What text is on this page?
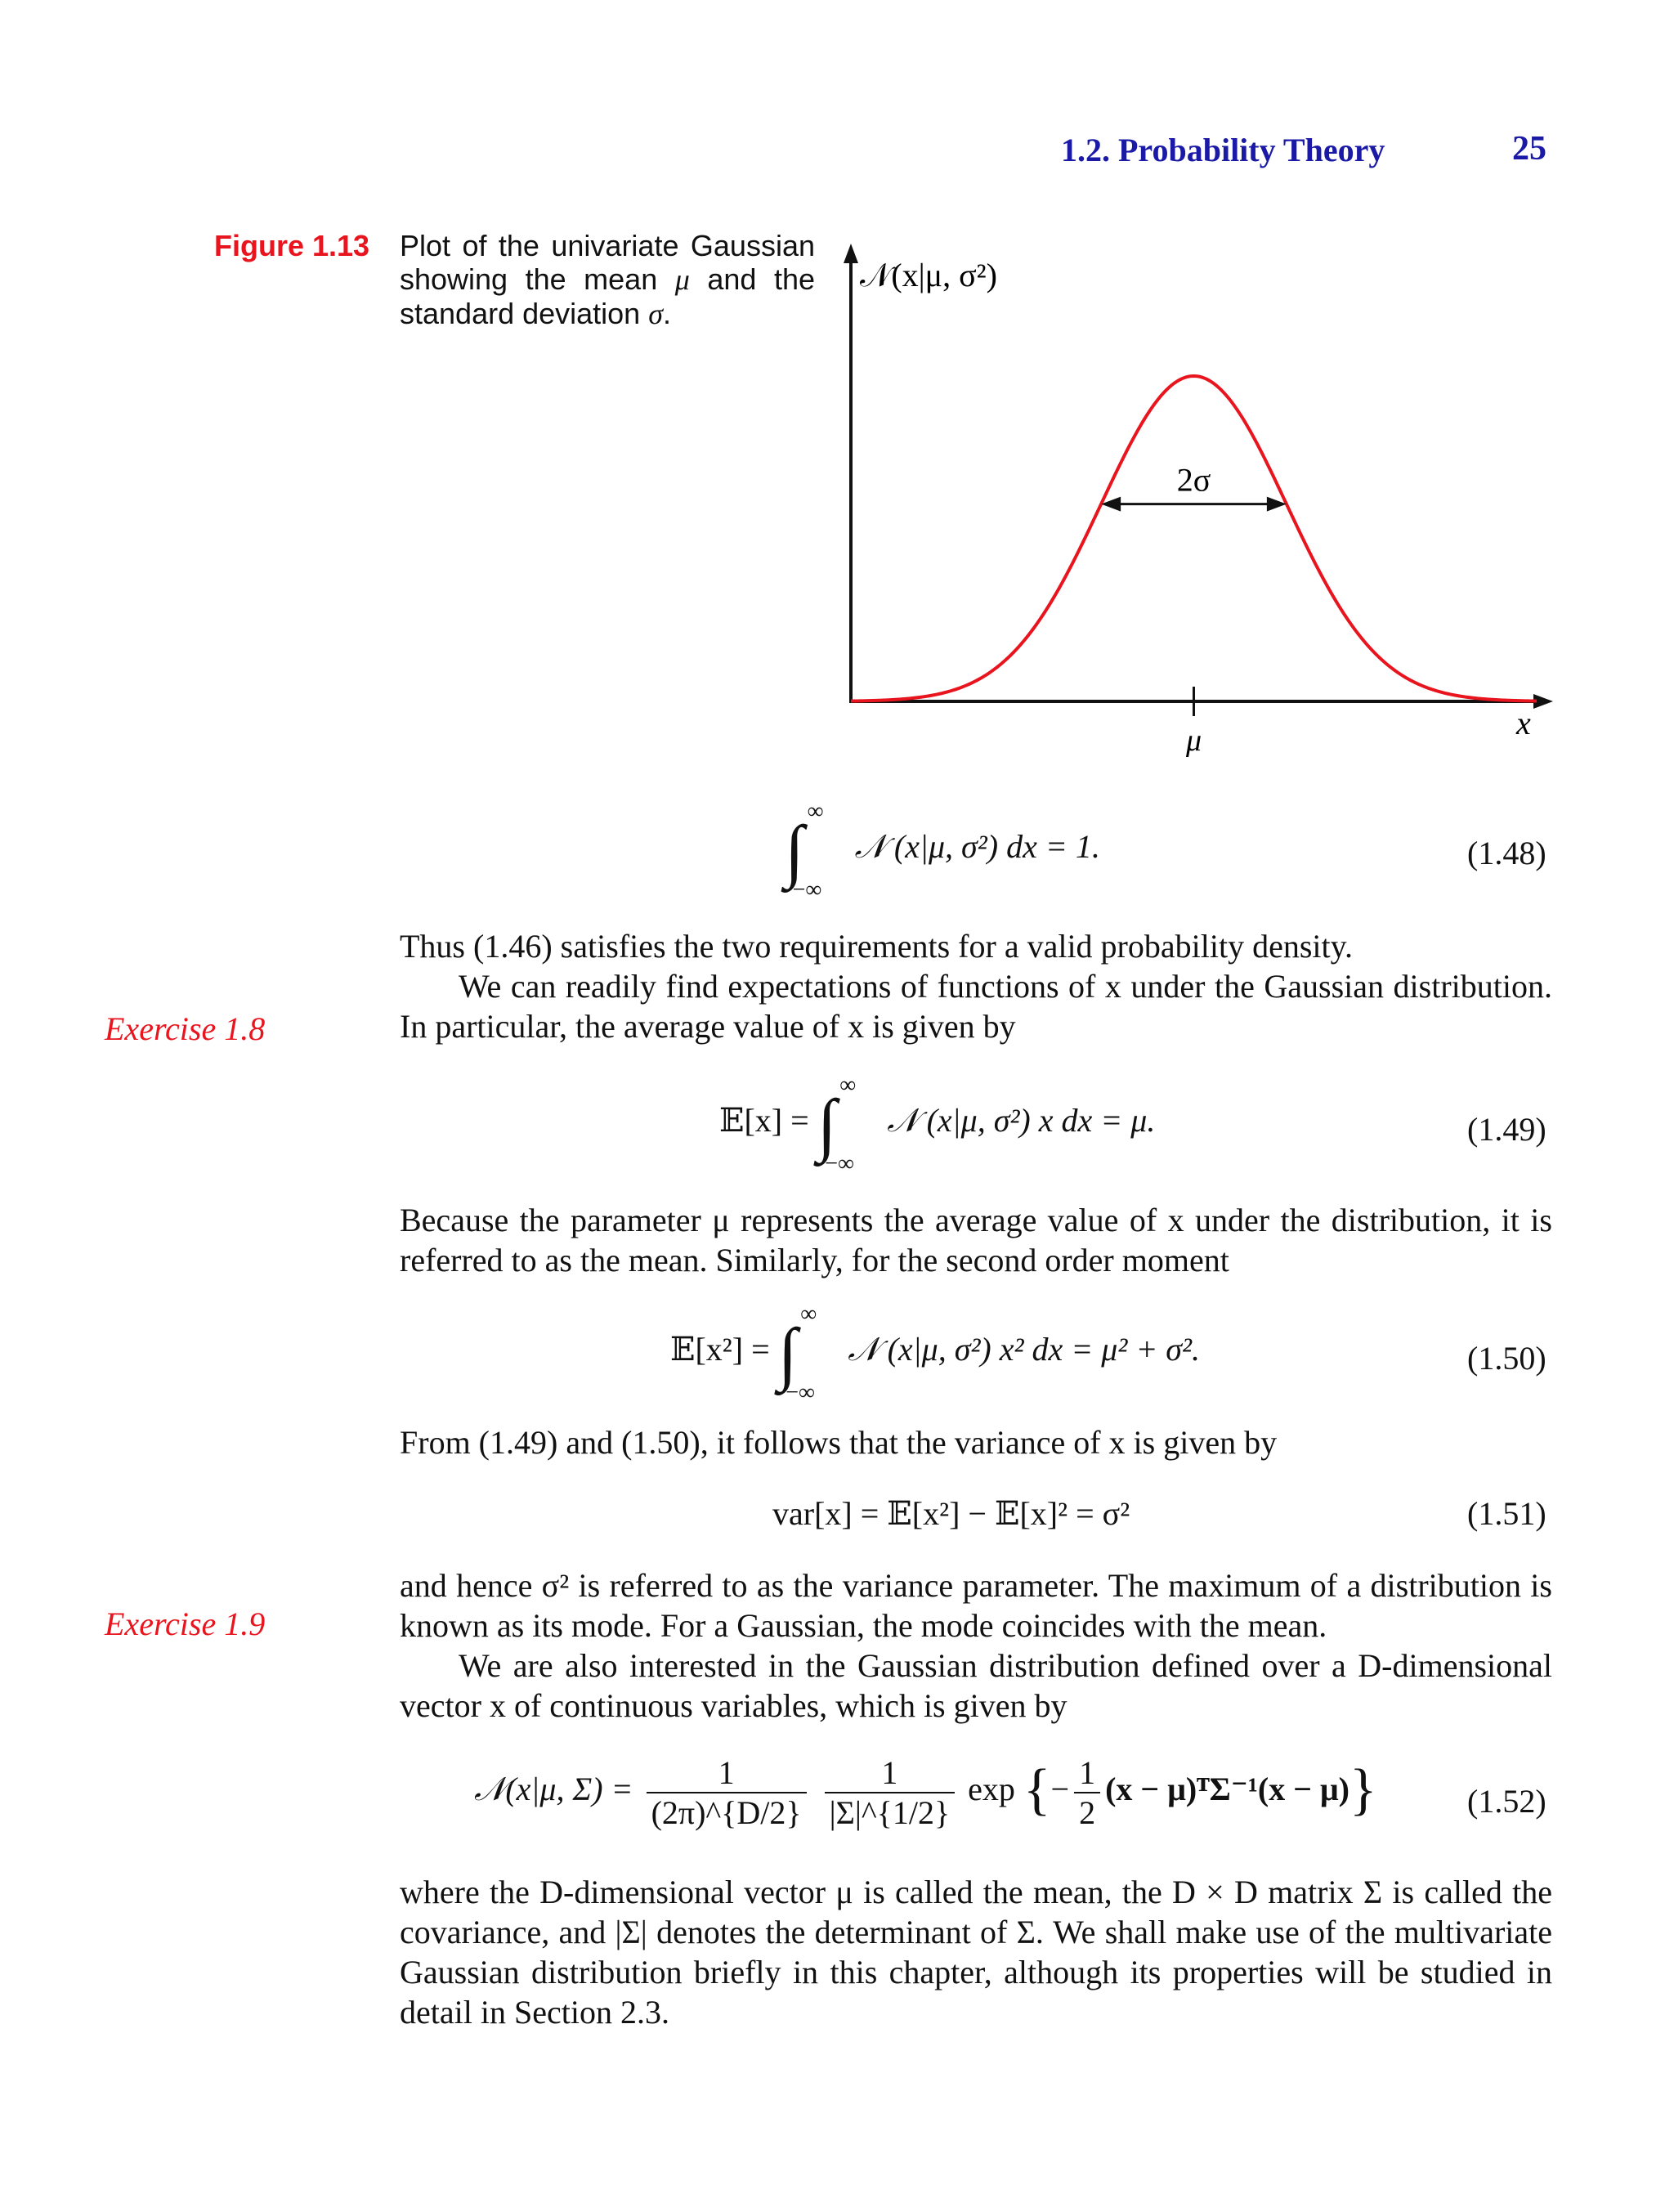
1.2. Probability Theory	25
Figure 1.13 Plot of the univariate Gaussian showing the mean μ and the standard deviation σ.
2σ
μ
𝒩(x|μ, σ²)
x
∫ ∞
−∞
𝒩 (x|μ, σ²) dx = 1.	(1.48)
Thus (1.46) satisfies the two requirements for a valid probability density.
We can readily find expectations of functions of x under the Gaussian distribution. In particular, the average value of x is given by
Exercise 1.8
𝔼[x] = ∫ ∞
−∞
𝒩 (x|μ, σ²) x dx = μ.	(1.49)
Because the parameter μ represents the average value of x under the distribution, it is referred to as the mean. Similarly, for the second order moment
𝔼[x²] = ∫ ∞
−∞
𝒩 (x|μ, σ²) x² dx = μ² + σ².	(1.50)
From (1.49) and (1.50), it follows that the variance of x is given by
var[x] = 𝔼[x²] − 𝔼[x]² = σ²	(1.51)
and hence σ² is referred to as the variance parameter. The maximum of a distribution is known as its mode. For a Gaussian, the mode coincides with the mean.
We are also interested in the Gaussian distribution defined over a D-dimensional vector x of continuous variables, which is given by
Exercise 1.9
𝒩(x|μ, $\Sigma) = \frac{1}{(2\pi)\^{}\{D/2\}}$
$\frac{1}{|\Sigma|\^{}\{1/2\}}$ exp {− $\frac{1}{2} (x$ − μ)ᵀΣ⁻¹(x − μ)}	(1.52)
where the D-dimensional vector μ is called the mean, the D × D matrix Σ is called the covariance, and |Σ| denotes the determinant of Σ. We shall make use of the multivariate Gaussian distribution briefly in this chapter, although its properties will be studied in detail in Section 2.3.
